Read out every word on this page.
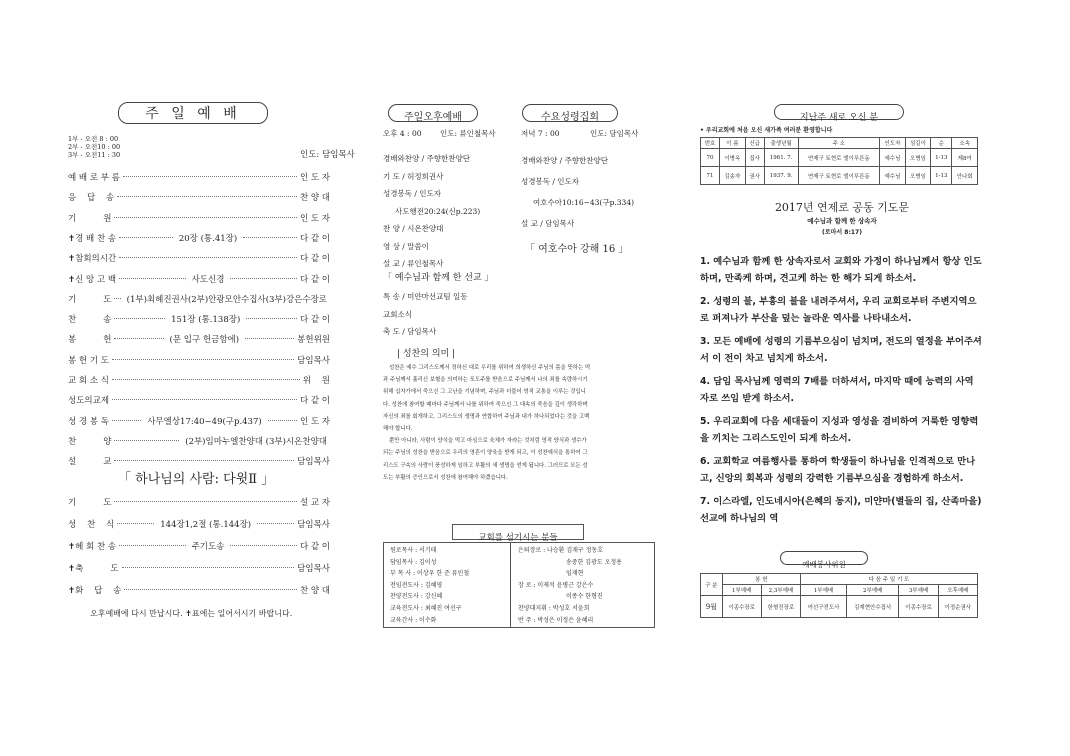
주 일 예 배
1부 - 오전 8 : 00
2부 - 오전10 : 00
3부 - 오전11 : 30	인도: 담임목사
예 배 로 부 름	인 도 자
응    답    송	찬 양 대
기          원	인 도 자
✝경 배 찬 송	20장 (통.41장)	다 같 이
✝참회의시간	다 같 이
✝신 앙 고 백	사도신경	다 같 이
기          도	(1부)최혜진권사(2부)안광모안수집사(3부)강은수장로
찬          송	151장 (통.138장)	다 같 이
봉          헌	(문 입구 헌금함에)	봉헌위원
봉 헌 기 도	담임목사
교 회 소 식	위    원
성도의교제	다 같 이
성 경 봉 독	사무엘상17:40~49(구p.437)	인 도 자
찬          양	(2부)임마누엘찬양대 (3부)시온찬양대
설          교	담임목사
「 하나님의 사람: 다윗Ⅱ 」
기          도	설 교 자
성    찬    식	144장1,2절 (통.144장)	담임목사
✝헤 회 찬 송	주기도송	다 같 이
✝축          도	담임목사
✝화    답    송	찬 양 대
오후예배에 다시 만납시다. ✝표에는 일어서시기 바랍니다.
주일오후예배	수요성령집회
오후 4 : 00 인도: 류인철목사	저녁 7 : 00	인도: 담임목사
경배와찬양 / 주향한찬양단
기 도 / 허정희권사
성경봉독 / 인도자
사도행전20:24(신p.223)
찬 양 / 시온찬양대
영 상 / 말씀이
설 교 / 류인철목사
「 예수님과 함께 한 선교 」
특 송 / 미얀마선교팀 일동
교회소식
축 도 / 담임목사
경배와찬양 / 주향한찬양단
성경봉독 / 인도자
여호수아10:16~43(구p.334)
설 교 / 담임목사
「 여호수아 강해 16 」
| 성찬의 의미 |
성찬은 예수 그리스도께서 정하신 대로 우리를 위하여 희생하신 주님의 몸을 뜻하는 떡
과 주님께서 흘리신 보혈을 의미하는 포도주를 받음으로 주님께서 나의 죄를 속량하시기
위해 십자가에서 죽으신 그 고난을 기념하며, 주님과 더불어 영적 교통을 이루는 것입니
다. 성찬에 참여할 때마다 주님께서 나를 위하여 죽으신 그 대속의 죽음을 깊이 생각하며
자신의 죄를 회개하고, 그리스도의 생명과 연합하여 주님과 내가 하나되었다는 것을 고백
해야 합니다.
뿐만 아니라, 사람이 양식을 먹고 마심으로 육체가 자라는 것처럼 영적 양식과 생수가
되는 주님의 성찬을 받음으로 우리의 영혼이 양육을 받게 되고, 이 성찬예식을 통하여 그
리스도 구속의 사랑이 풍성하게 임하고 부활의 새 생명을 얻게 됩니다. 그러므로 모든 성
도는 부활의 증인으로서 성찬에 참여해야 하겠습니다.
교회를 섬기시는 분들
원로목사 : 서기태
담임목사 : 김이성
부 목 사 : 이상우 한 준 류인철
전임전도사 : 김혜영
찬양전도사 : 강신혜
교육전도사 : 최혜진 여선구
교육간사 : 이수화
은퇴장로 : 나승환 김재구 정동호
송중한 김광도 오정용
임재현
장 로 : 이제석 윤병근 강은수
이종수 한형진
찬양대지휘 : 박성호 서윤희
반 주 : 박성은 이정은 윤혜리
지난주 새로 오신 분
• 우리교회에 처음 오신 새가족 여러분 환영합니다
번호	이 름	신급	출생년월	주 소	인도자	섬길이	순	소속
70	이병옥	집사	1961. 7.	연제구 토현로 엘이푸른동	예수님	오병임	1-13	제8여
71	김송자	권사	1937. 9.	연제구 토현로 엘이푸른동	예수님	오병임	1-13	안나회
2017년 연제로 공동 기도문
예수님과 함께 한 상속자
(로마서 8:17)

1. 예수님과 함께 한 상속자로서 교회와 가정이 하나님께서 항상 인도하며, 만족케 하며, 견고케 하는 한 해가 되게 하소서.

2. 성령의 불, 부흥의 불을 내려주셔서, 우리 교회로부터 주변지역으로 퍼져나가 부산을 덮는 놀라운 역사를 나타내소서.

3. 모든 예배에 성령의 기름부으심이 넘치며, 전도의 열정을 부어주셔서 이 전이 차고 넘치게 하소서.

4. 담임 목사님께 영력의 7배를 더하셔서, 마지막 때에 능력의 사역자로 쓰임 받게 하소서.

5. 우리교회에 다음 세대들이 지성과 영성을 겸비하여 거룩한 영향력을 끼치는 그리스도인이 되게 하소서.

6. 교회학교 여름행사를 통하여 학생들이 하나님을 인격적으로 만나고, 신앙의 회복과 성령의 강력한 기름부으심을 경험하게 하소서.

7. 이스라엘, 인도네시아(은혜의 동지), 미얀마(별들의 집, 산족마을) 선교에 하나님의 역

예배봉사위원
구 분	봉 헌		다 음 주 일 기 도			
	1부예배	2,3부예배	1부예배	2부예배	3부예배	오후예배
9월	이종수장로	한형진장로	여선구전도사	김재현안수집사	이종수장로	이정순권사
